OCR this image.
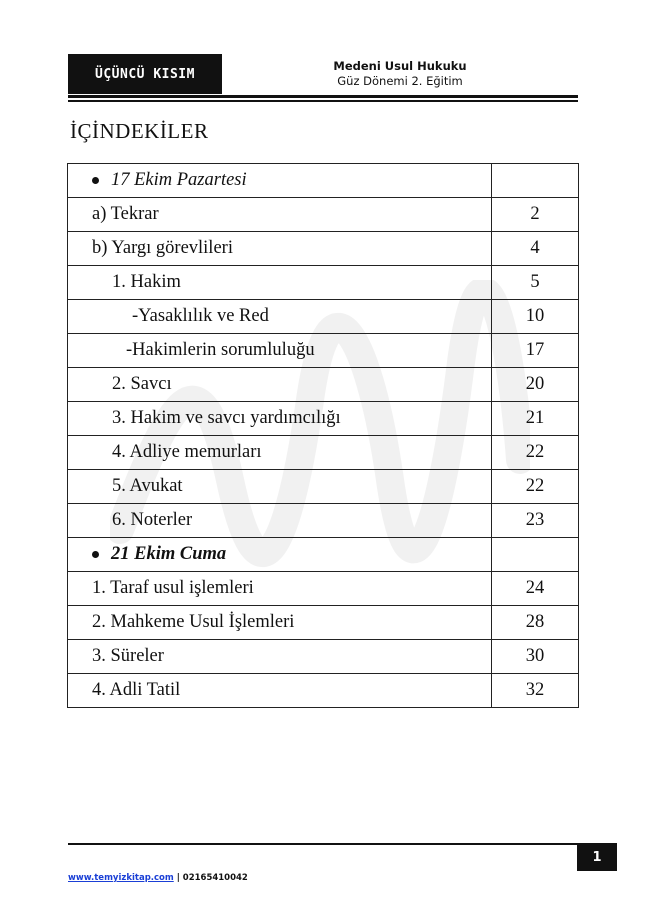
ÜÇÜNCÜ KISIM
Medeni Usul Hukuku
Güz Dönemi 2. Eğitim
İÇİNDEKİLER
17 Ekim Pazartesi	

a) Tekrar	2

b) Yargı görevlileri	4

1. Hakim	5

-Yasaklılık ve Red	10

-Hakimlerin sorumluluğu	17

2. Savcı	20

3. Hakim ve savcı yardımcılığı	21

4. Adliye memurları	22

5. Avukat	22

6. Noterler	23

21 Ekim Cuma	

1. Taraf usul işlemleri	24

2. Mahkeme Usul İşlemleri	28

3. Süreler	30

4. Adli Tatil	32
1
www.temyizkitap.com | 02165410042
